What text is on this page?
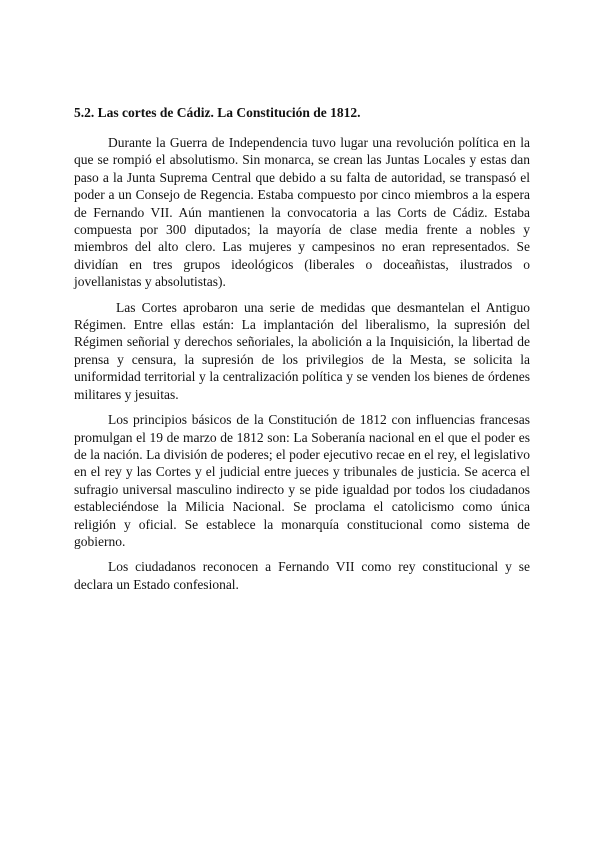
5.2. Las cortes de Cádiz. La Constitución de 1812.

Durante la Guerra de Independencia tuvo lugar una revolución política en la que se rompió el absolutismo. Sin monarca, se crean las Juntas Locales y estas dan paso a la Junta Suprema Central que debido a su falta de autoridad, se transpasó el poder a un Consejo de Regencia. Estaba compuesto por cinco miembros a la espera de Fernando VII. Aún mantienen la convocatoria a las Corts de Cádiz. Estaba compuesta por 300 diputados; la mayoría de clase media frente a nobles y miembros del alto clero. Las mujeres y campesinos no eran representados. Se dividían en tres grupos ideológicos (liberales o doceañistas, ilustrados o jovellanistas y absolutistas).

Las Cortes aprobaron una serie de medidas que desmantelan el Antiguo Régimen. Entre ellas están: La implantación del liberalismo, la supresión del Régimen señorial y derechos señoriales, la abolición a la Inquisición, la libertad de prensa y censura, la supresión de los privilegios de la Mesta, se solicita la uniformidad territorial y la centralización política y se venden los bienes de órdenes militares y jesuitas.

Los principios básicos de la Constitución de 1812 con influencias francesas promulgan el 19 de marzo de 1812 son: La Soberanía nacional en el que el poder es de la nación. La división de poderes; el poder ejecutivo recae en el rey, el legislativo en el rey y las Cortes y el judicial entre jueces y tribunales de justicia. Se acerca el sufragio universal masculino indirecto y se pide igualdad por todos los ciudadanos estableciéndose la Milicia Nacional. Se proclama el catolicismo como única religión y oficial. Se establece la monarquía constitucional como sistema de gobierno.

Los ciudadanos reconocen a Fernando VII como rey constitucional y se declara un Estado confesional.
